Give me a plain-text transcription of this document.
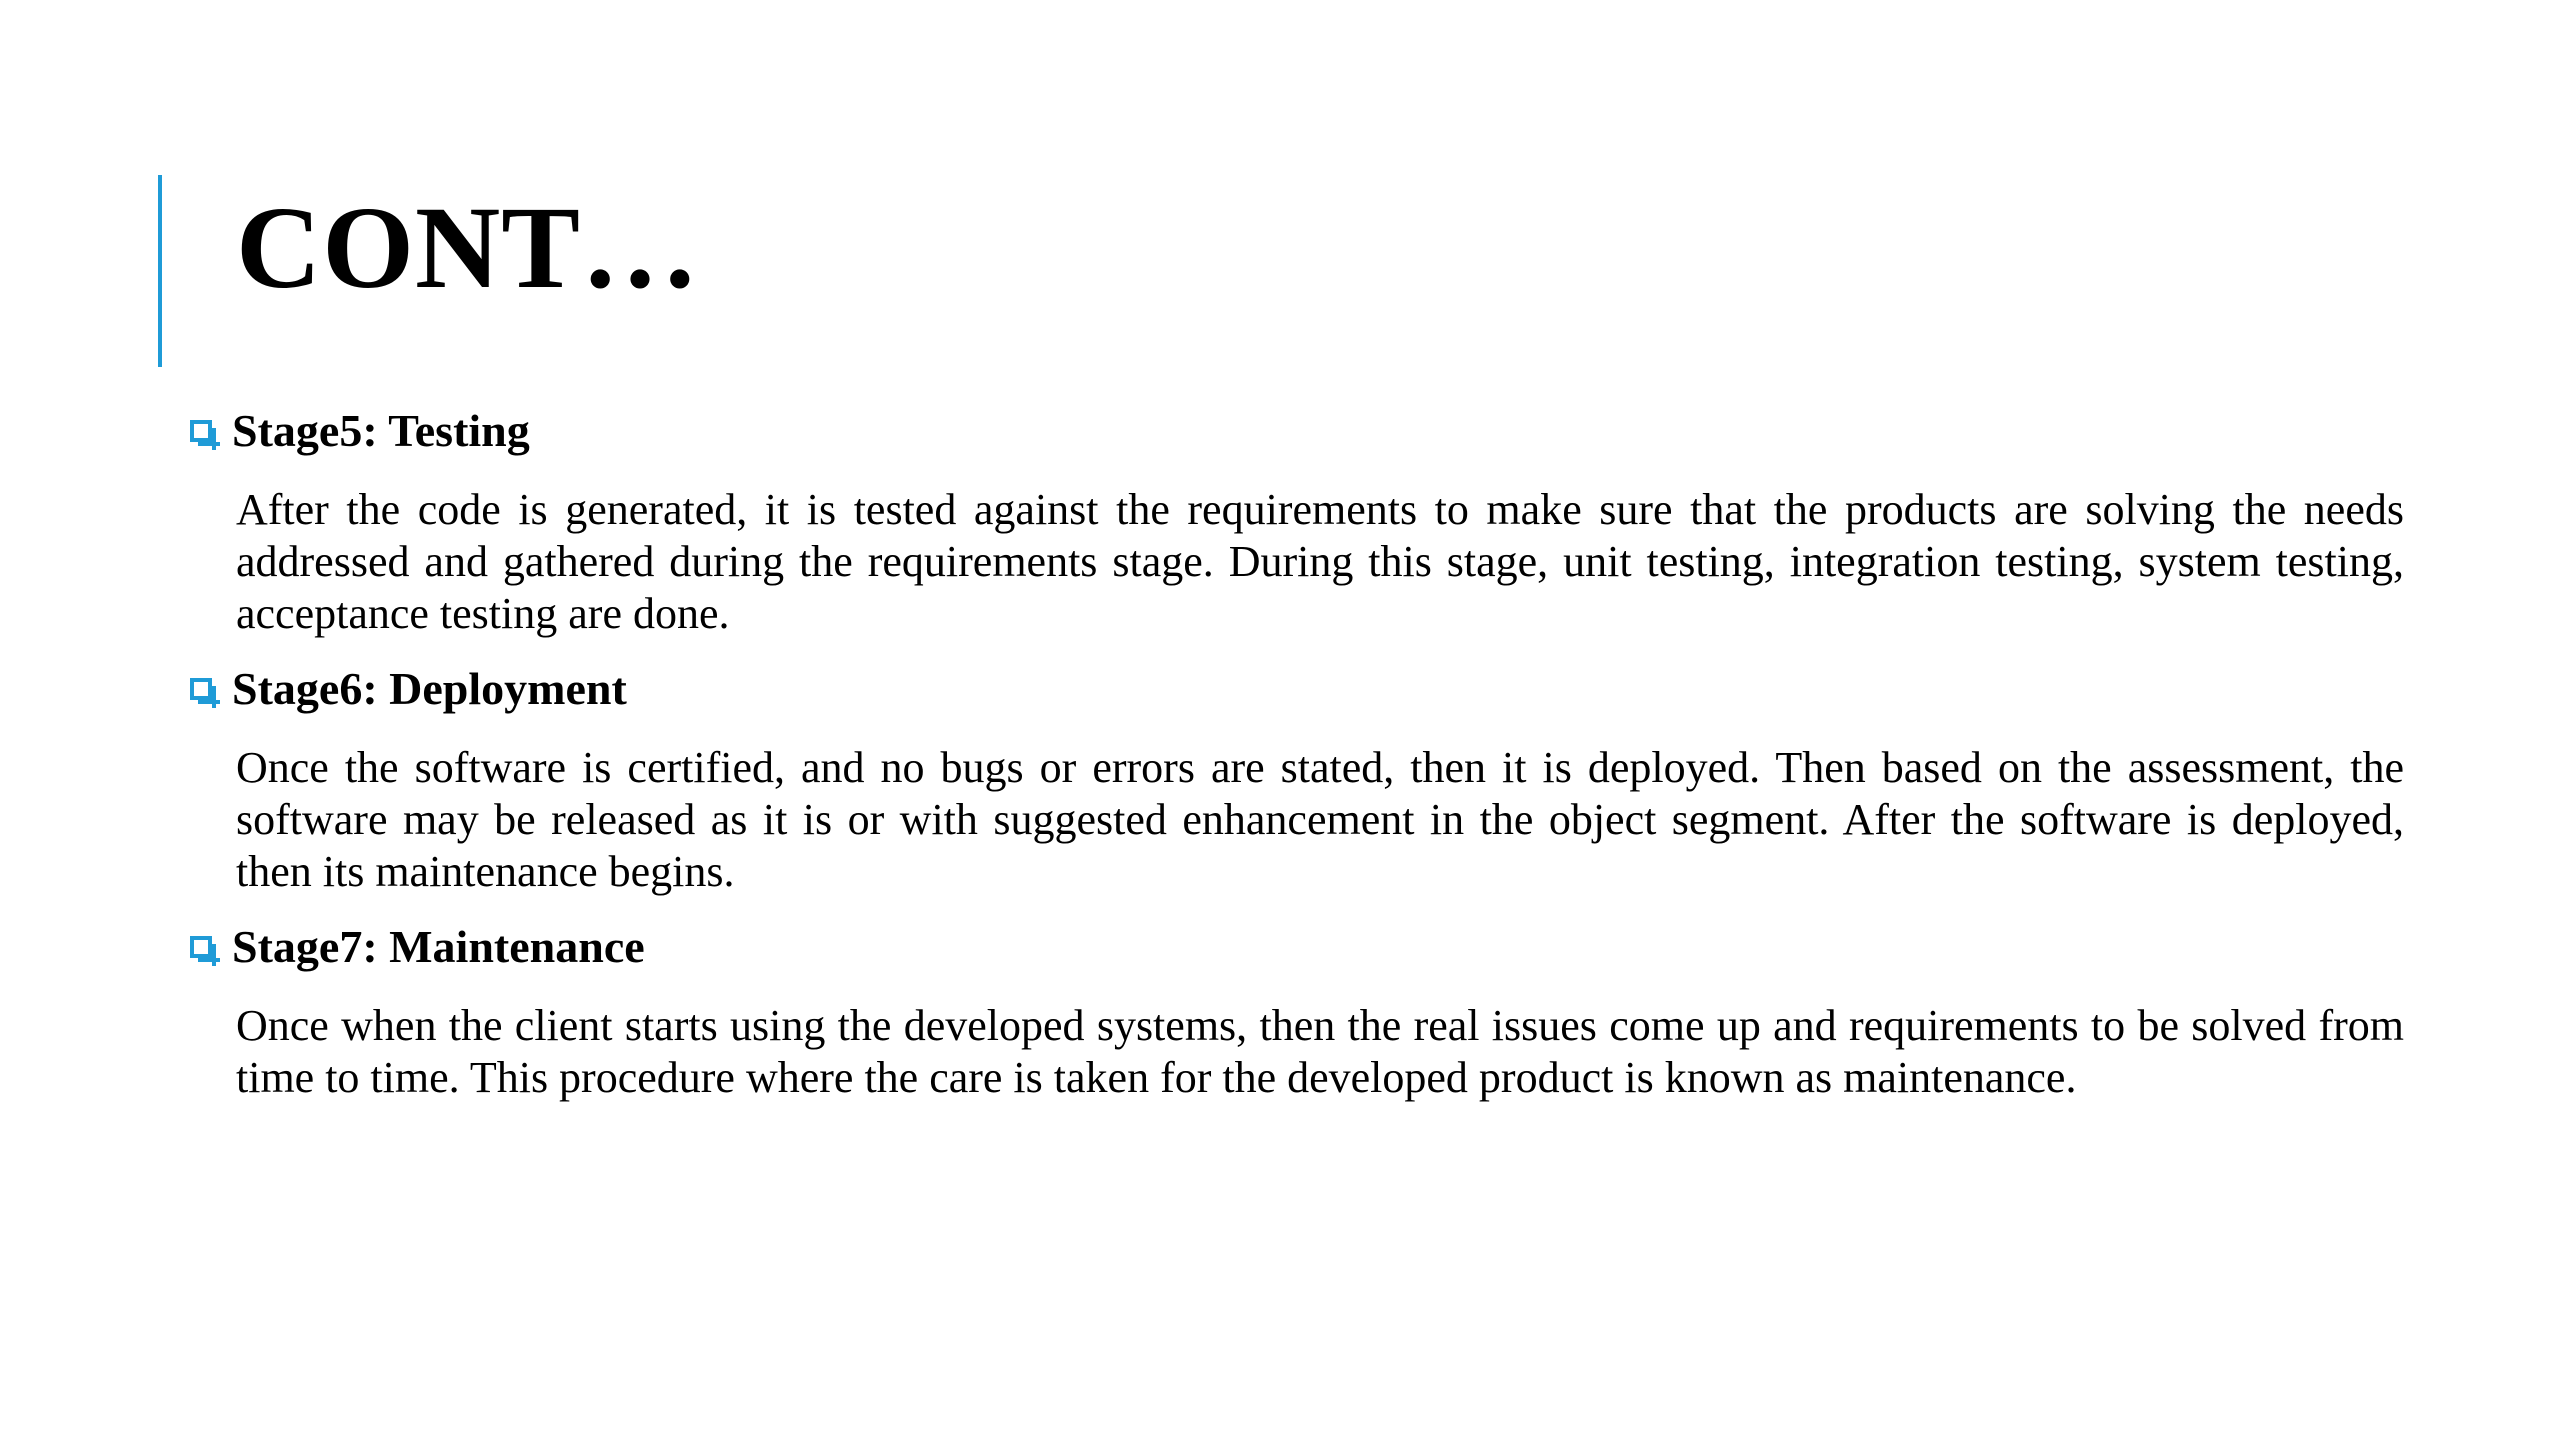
CONT…
Stage5: Testing

After the code is generated, it is tested against the requirements to make sure that the products are solving the needs addressed and gathered during the requirements stage. During this stage, unit testing, integration testing, system testing, acceptance testing are done.

Stage6: Deployment

Once the software is certified, and no bugs or errors are stated, then it is deployed. Then based on the assessment, the software may be released as it is or with suggested enhancement in the object segment. After the software is deployed, then its maintenance begins.

Stage7: Maintenance

Once when the client starts using the developed systems, then the real issues come up and requirements to be solved from time to time. This procedure where the care is taken for the developed product is known as maintenance.
